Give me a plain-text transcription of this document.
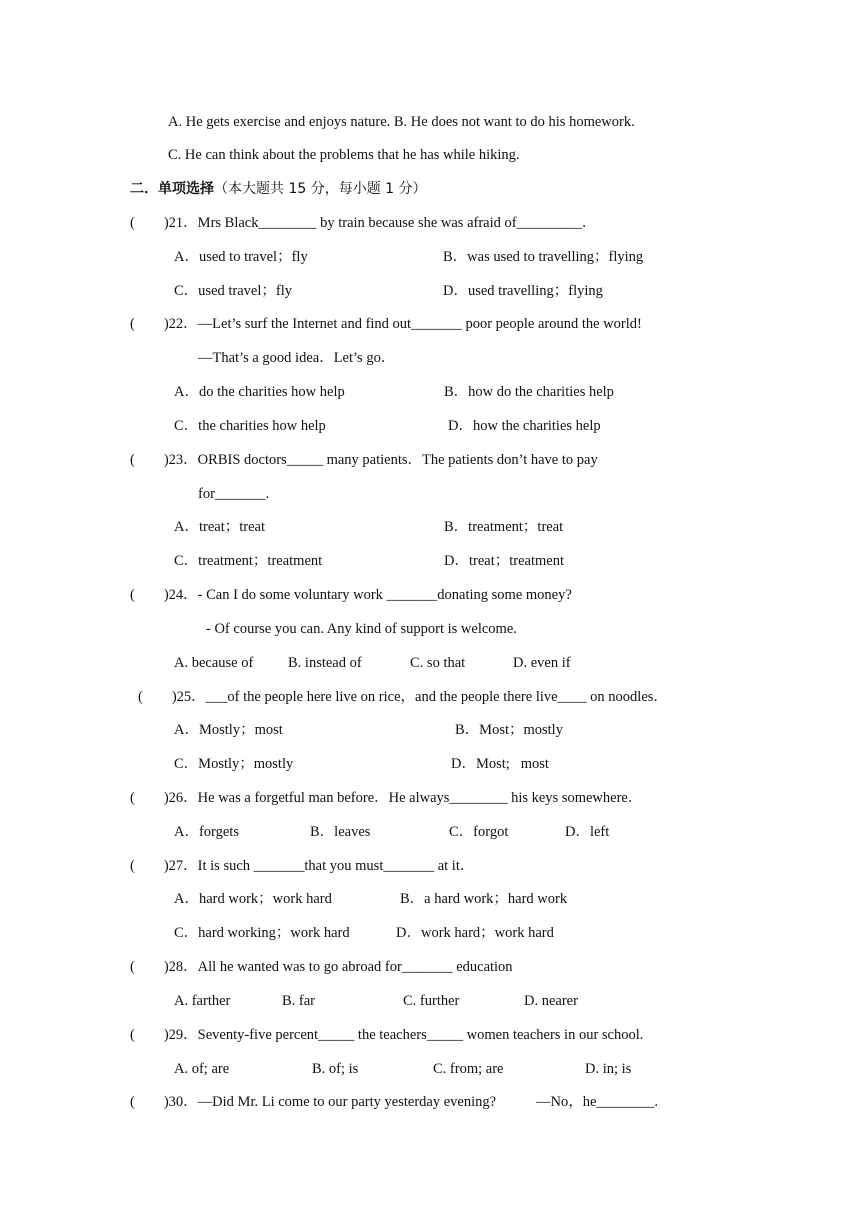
A. He gets exercise and enjoys nature. B. He does not want to do his homework.
C. He can think about the problems that he has while hiking.
二．单项选择（本大题共 15 分，每小题 1 分）
(        )21．Mrs Black________ by train because she was afraid of_________．
A．used to travel；fly	B．was used to travelling；flying
C．used travel；fly	D．used travelling；flying
(        )22．—Let’s surf the Internet and find out_______ poor people around the world!
—That’s a good idea．Let’s go．
A．do the charities how help	B．how do the charities help
C．the charities how help	D．how the charities help
(        )23．ORBIS doctors_____ many patients．The patients don’t have to pay
for_______.
A．treat；treat	B．treatment；treat
C．treatment；treatment	D．treat；treatment
(        )24．- Can I do some voluntary work _______donating some money?
- Of course you can. Any kind of support is welcome.
A. because of B. instead of	C. so that	D. even if
(        )25．___of the people here live on rice，and the people there live____ on noodles．
A．Mostly；most	B．Most；mostly
C．Mostly；mostly	D．Most;   most
(        )26．He was a forgetful man before．He always________ his keys somewhere．
A．forgets	B．leaves	C．forgot	D．left
(        )27．It is such _______that you must_______ at it．
A．hard work；work hard	B．a hard work；hard work
C．hard working；work hard	D．work hard；work hard
(        )28．All he wanted was to go abroad for_______ education
A. farther	B. far	C. further	D. nearer
(        )29．Seventy-five percent_____ the teachers_____ women teachers in our school.
A. of; are	B. of; is	C. from; are	D. in; is
(        )30．—Did Mr. Li come to our party yesterday evening?	—No，he________.
